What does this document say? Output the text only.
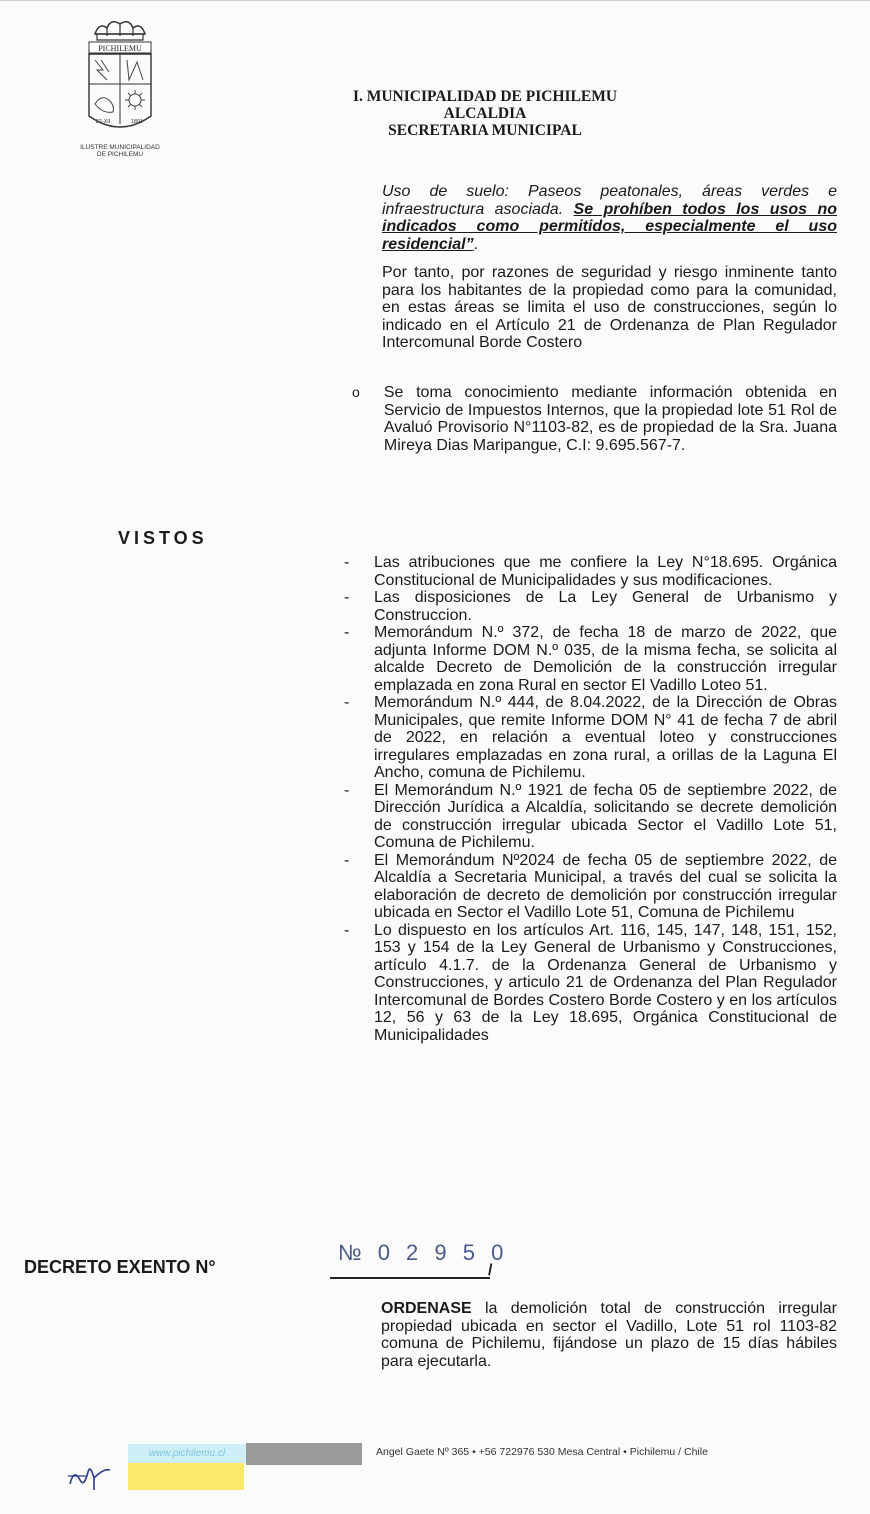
PICHILEMU
22-XII	1891
ILUSTRE MUNICIPALIDAD
DE PICHILEMU
I. MUNICIPALIDAD DE PICHILEMU
ALCALDIA
SECRETARIA MUNICIPAL
Uso de suelo: Paseos peatonales, áreas verdes e infraestructura asociada. Se prohíben todos los usos no indicados como permitidos, especialmente el uso residencial”.
Por tanto, por razones de seguridad y riesgo inminente tanto para los habitantes de la propiedad como para la comunidad, en estas áreas se limita el uso de construcciones, según lo indicado en el Artículo 21 de Ordenanza de Plan Regulador Intercomunal Borde Costero
o	Se toma conocimiento mediante información obtenida en Servicio de Impuestos Internos, que la propiedad lote 51 Rol de Avaluó Provisorio N°1103-82, es de propiedad de la Sra. Juana Mireya Dias Maripangue, C.I: 9.695.567-7.
VISTOS
-	Las atribuciones que me confiere la Ley N°18.695. Orgánica Constitucional de Municipalidades y sus modificaciones.
-	Las disposiciones de La Ley General de Urbanismo y Construccion.
-	Memorándum N.º 372, de fecha 18 de marzo de 2022, que adjunta Informe DOM N.º 035, de la misma fecha, se solicita al alcalde Decreto de Demolición de la construcción irregular emplazada en zona Rural en sector El Vadillo Loteo 51.
-	Memorándum N.º 444, de 8.04.2022, de la Dirección de Obras Municipales, que remite Informe DOM N° 41 de fecha 7 de abril de 2022, en relación a eventual loteo y construcciones irregulares emplazadas en zona rural, a orillas de la Laguna El Ancho, comuna de Pichilemu.
-	El Memorándum N.º 1921 de fecha 05 de septiembre 2022, de Dirección Jurídica a Alcaldía, solicitando se decrete demolición de construcción irregular ubicada Sector el Vadillo Lote 51, Comuna de Pichilemu.
-	El Memorándum Nº2024 de fecha 05 de septiembre 2022, de Alcaldía a Secretaria Municipal, a través del cual se solicita la elaboración de decreto de demolición por construcción irregular ubicada en Sector el Vadillo Lote 51, Comuna de Pichilemu
-	Lo dispuesto en los artículos Art. 116, 145, 147, 148, 151, 152, 153 y 154 de la Ley General de Urbanismo y Construcciones, artículo 4.1.7. de la Ordenanza General de Urbanismo y Construcciones, y articulo 21 de Ordenanza del Plan Regulador Intercomunal de Bordes Costero Borde Costero y en los artículos 12, 56 y 63 de la Ley 18.695, Orgánica Constitucional de Municipalidades
DECRETO EXENTO N°
№ 0 2 9 5 0
/
ORDENASE la demolición total de construcción irregular propiedad ubicada en sector el Vadillo, Lote 51 rol 1103-82 comuna de Pichilemu, fijándose un plazo de 15 días hábiles para ejecutarla.
www.pichilemu.cl	Angel Gaete Nº 365 • +56 722976 530 Mesa Central • Pichilemu / Chile
